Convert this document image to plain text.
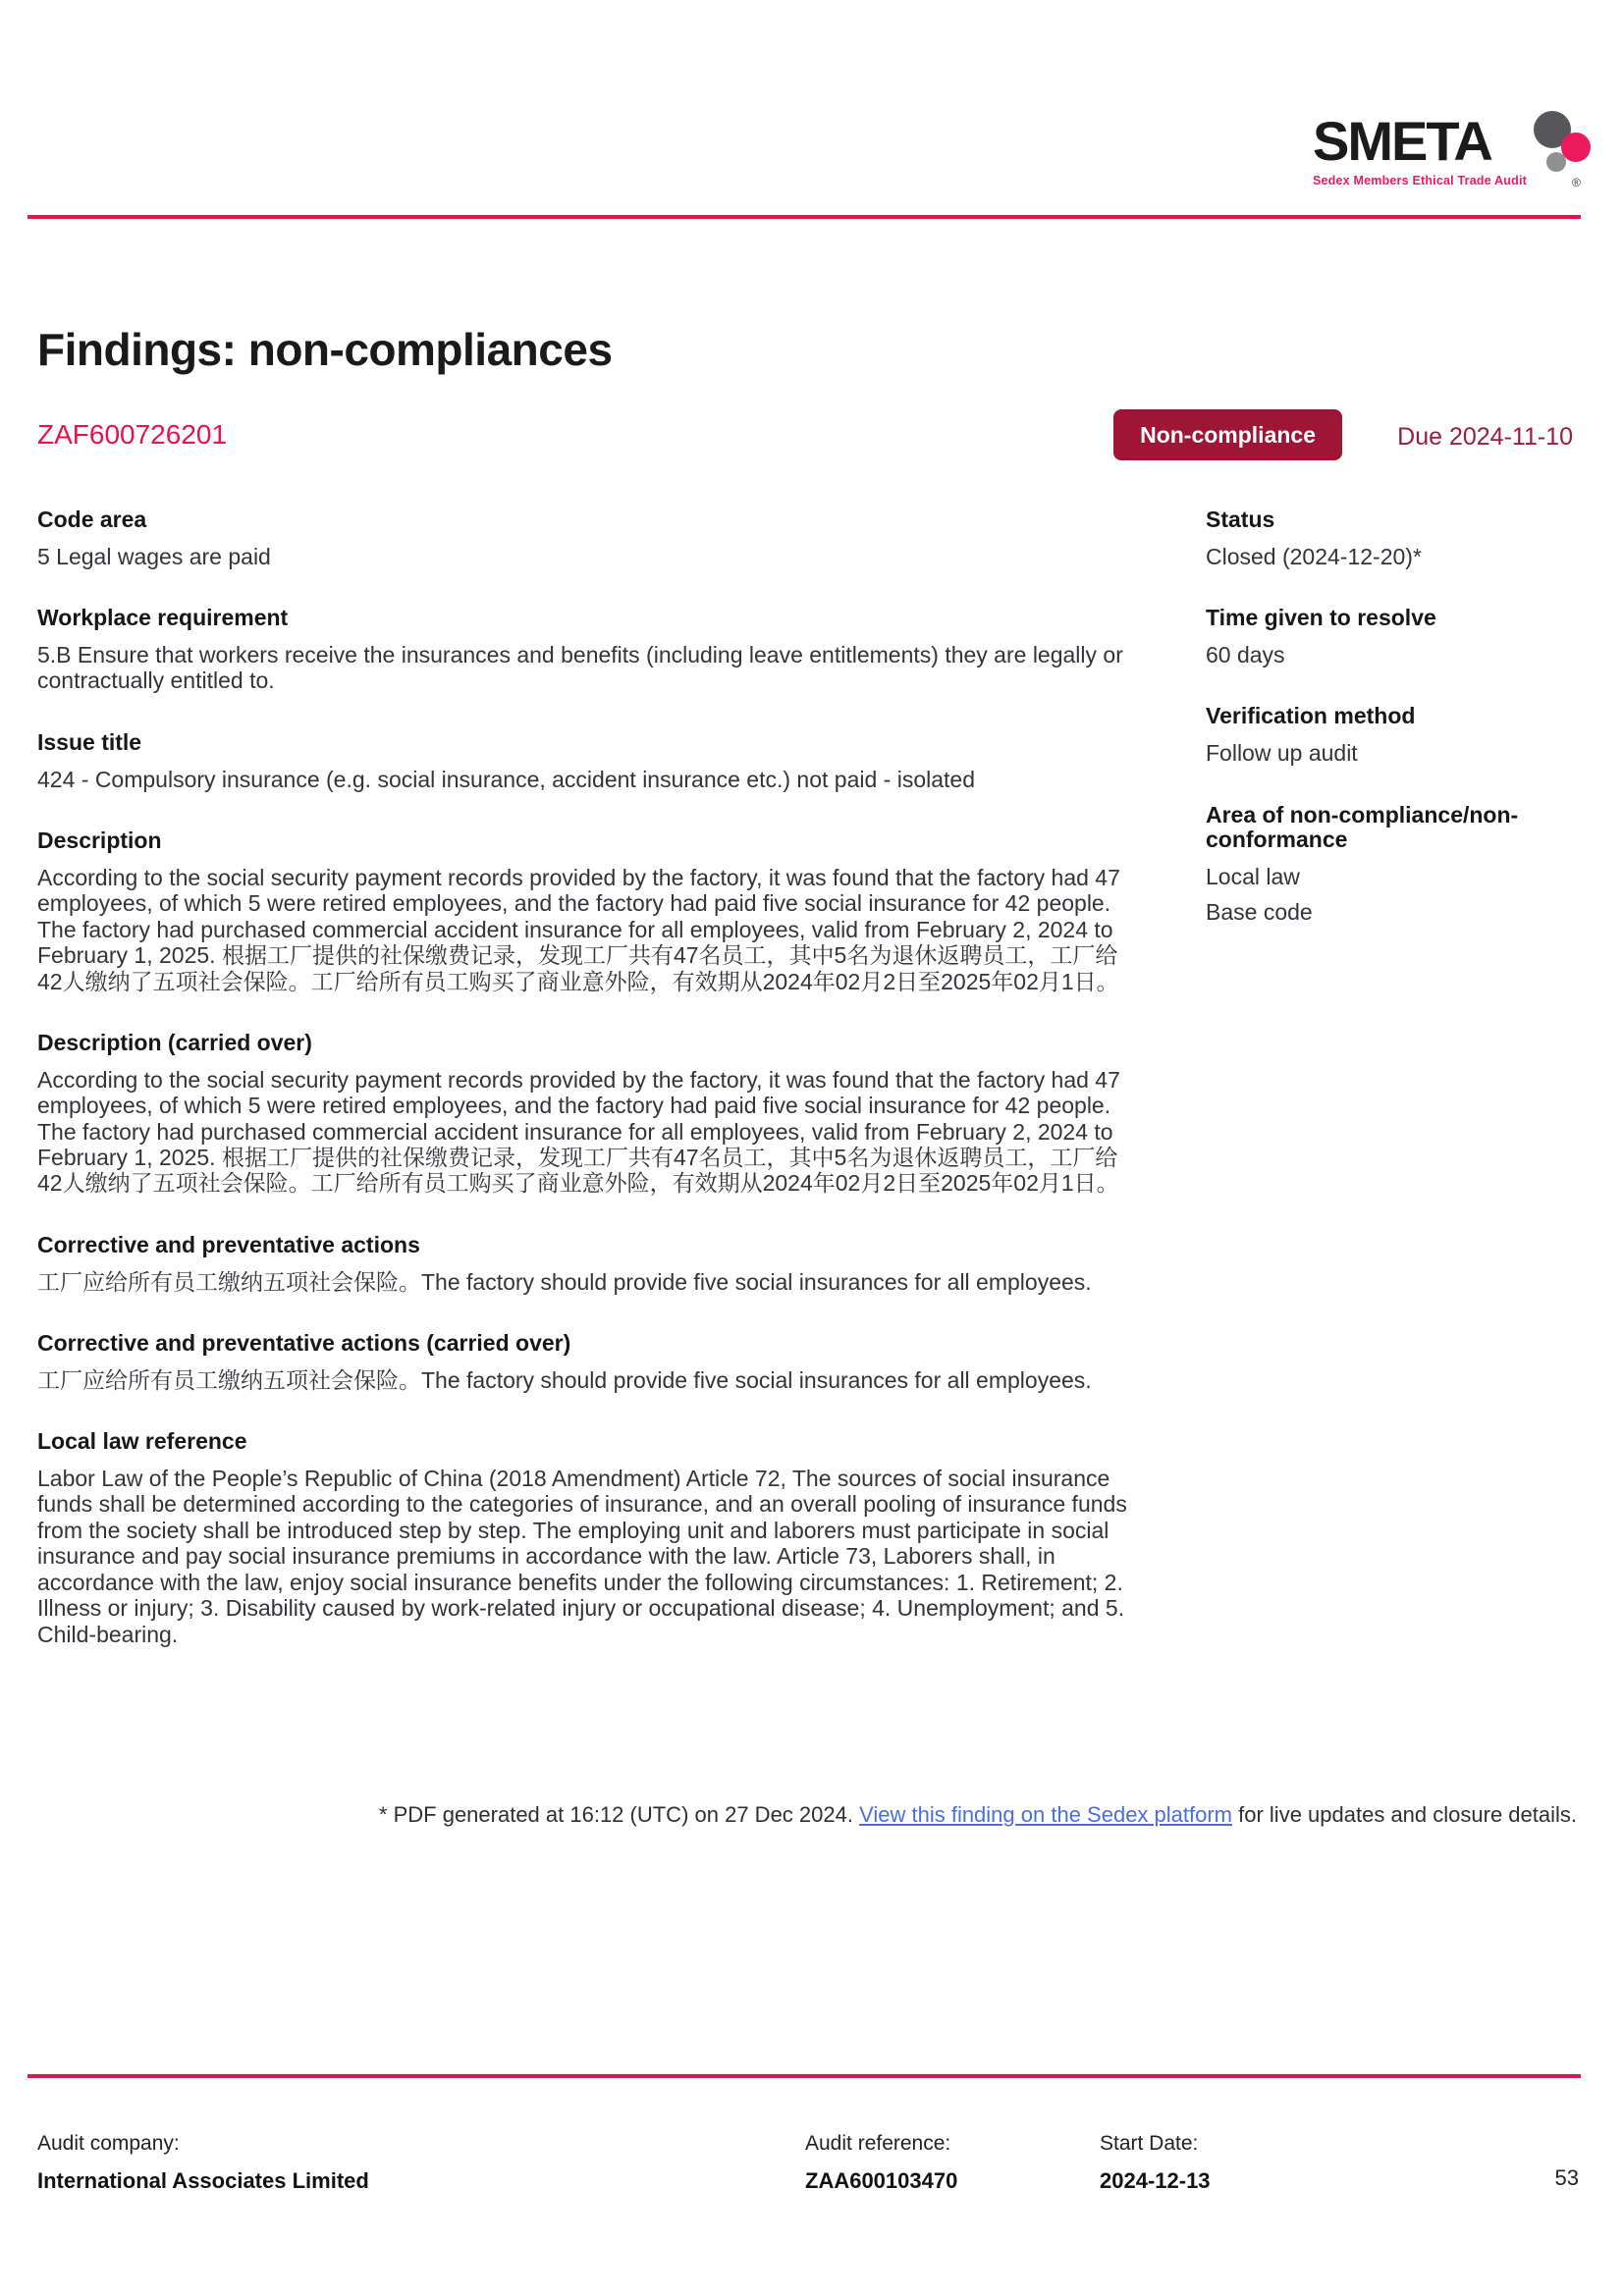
SMETA
Sedex Members Ethical Trade Audit	®
Findings: non-compliances
ZAF600726201	Non-compliance	Due 2024-11-10
Code area

5 Legal wages are paid

Workplace requirement

5.B Ensure that workers receive the insurances and benefits (including leave entitlements) they are legally or contractually entitled to.

Issue title

424 - Compulsory insurance (e.g. social insurance, accident insurance etc.) not paid - isolated

Description

According to the social security payment records provided by the factory, it was found that the factory had 47 employees, of which 5 were retired employees, and the factory had paid five social insurance for 42 people. The factory had purchased commercial accident insurance for all employees, valid from February 2, 2024 to February 1, 2025. 根据工厂提供的社保缴费记录，发现工厂共有47名员工，其中5名为退休返聘员工，工厂给42人缴纳了五项社会保险。工厂给所有员工购买了商业意外险，有效期从2024年02月2日至2025年02月1日。

Description (carried over)

According to the social security payment records provided by the factory, it was found that the factory had 47 employees, of which 5 were retired employees, and the factory had paid five social insurance for 42 people. The factory had purchased commercial accident insurance for all employees, valid from February 2, 2024 to February 1, 2025. 根据工厂提供的社保缴费记录，发现工厂共有47名员工，其中5名为退休返聘员工，工厂给42人缴纳了五项社会保险。工厂给所有员工购买了商业意外险，有效期从2024年02月2日至2025年02月1日。

Corrective and preventative actions

工厂应给所有员工缴纳五项社会保险。The factory should provide five social insurances for all employees.

Corrective and preventative actions (carried over)

工厂应给所有员工缴纳五项社会保险。The factory should provide five social insurances for all employees.

Local law reference

Labor Law of the People’s Republic of China (2018 Amendment) Article 72, The sources of social insurance funds shall be determined according to the categories of insurance, and an overall pooling of insurance funds from the society shall be introduced step by step. The employing unit and laborers must participate in social insurance and pay social insurance premiums in accordance with the law. Article 73, Laborers shall, in accordance with the law, enjoy social insurance benefits under the following circumstances: 1. Retirement; 2. Illness or injury; 3. Disability caused by work-related injury or occupational disease; 4. Unemployment; and 5. Child-bearing.

Status

Closed (2024-12-20)*

Time given to resolve

60 days

Verification method

Follow up audit

Area of non-compliance/non-conformance

Local law

Base code

* PDF generated at 16:12 (UTC) on 27 Dec 2024. View this finding on the Sedex platform for live updates and closure details.
Audit company:
International Associates Limited
Audit reference:
ZAA600103470
Start Date:
2024-12-13	53
